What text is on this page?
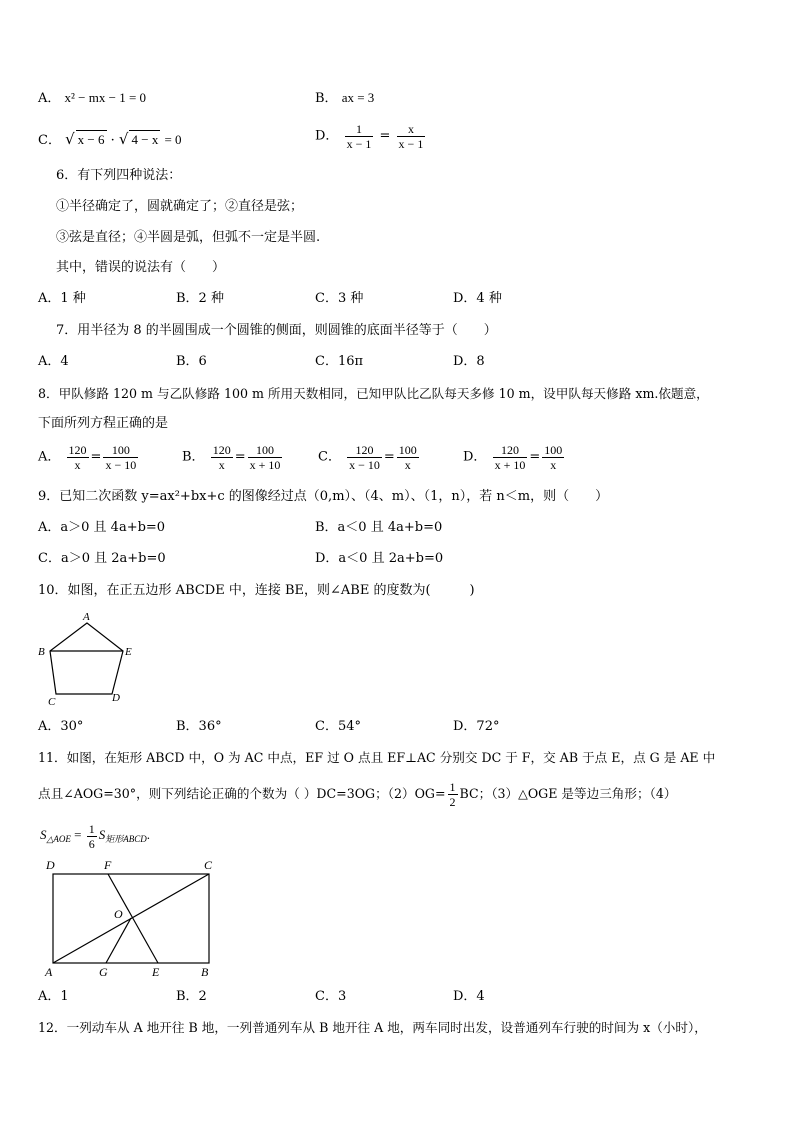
A． x² − mx − 1 = 0	B． ax = 3
C． √ x − 6 · √ 4 − x = 0	D． $\frac{1}{x - 1} = \frac{x}{x - 1}$
6．有下列四种说法：
①半径确定了，圆就确定了；②直径是弦；
③弦是直径；④半圆是弧，但弧不一定是半圆.
其中，错误的说法有（　　）
A．1 种	B．2 种	C．3 种	D．4 种
7．用半径为 8 的半圆围成一个圆锥的侧面，则圆锥的底面半径等于（　　）
A．4	B．6	C．16π	D．8
8．甲队修路 120 m 与乙队修路 100 m 所用天数相同，已知甲队比乙队每天多修 10 m，设甲队每天修路 xm.依题意，
下面所列方程正确的是
A． $\frac{120}{x} = \frac{100}{x - 10}$	B． $\frac{120}{x} = \frac{100}{x + 10}$	C． $\frac{120}{x - 10} = \frac{100}{x}$	D． $\frac{120}{x + 10} = \frac{100}{x}$
9．已知二次函数 y=ax²+bx+c 的图像经过点（0,m）、（4、m）、（1，n），若 n＜m，则（　　）
A．a＞0 且 4a+b=0	B．a＜0 且 4a+b=0
C．a＞0 且 2a+b=0	D．a＜0 且 2a+b=0
10．如图，在正五边形 ABCDE 中，连接 BE，则∠ABE 的度数为(　　　)
A
B	E
C	D
A．30°	B．36°	C．54°	D．72°
11．如图，在矩形 ABCD 中，O 为 AC 中点，EF 过 O 点且 EF⊥AC 分别交 DC 于 F，交 AB 于点 E，点 G 是 AE 中
点且∠AOG=30°，则下列结论正确的个数为（ ）DC=3OG；$(2)OG= \frac{1}{2}$ BC；（3）△OGE 是等边三角形；（4）
$S_{\triangle AOE} = \frac{1}{6} S_{矩形ABCD}$.
D	F	C
O
A	G	E	B
A．1	B．2	C．3	D．4
12．一列动车从 A 地开往 B 地，一列普通列车从 B 地开往 A 地，两车同时出发，设普通列车行驶的时间为 x（小时），
